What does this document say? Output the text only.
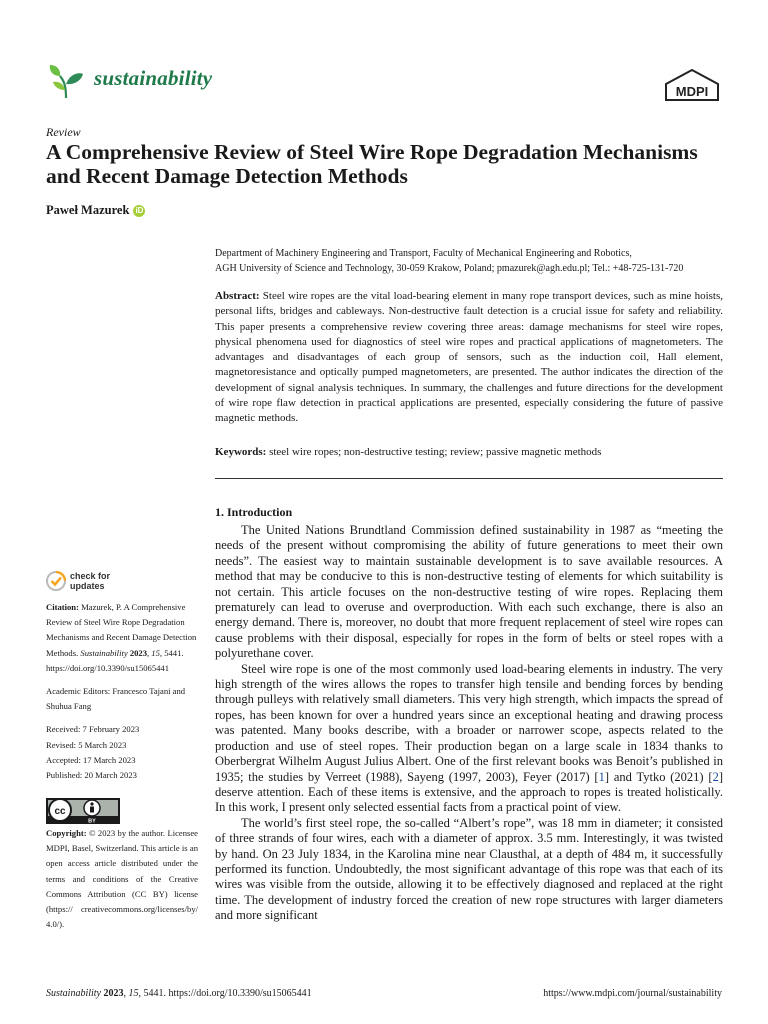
sustainability
MDPI
Review
A Comprehensive Review of Steel Wire Rope Degradation Mechanisms and Recent Damage Detection Methods
Paweł Mazurek iD
Department of Machinery Engineering and Transport, Faculty of Mechanical Engineering and Robotics,
AGH University of Science and Technology, 30-059 Krakow, Poland; pmazurek@agh.edu.pl; Tel.: +48-725-131-720

Abstract: Steel wire ropes are the vital load-bearing element in many rope transport devices, such as mine hoists, personal lifts, bridges and cableways. Non-destructive fault detection is a crucial issue for safety and reliability. This paper presents a comprehensive review covering three areas: damage mechanisms for steel wire ropes, physical phenomena used for diagnostics of steel wire ropes and practical applications of magnetometers. The advantages and disadvantages of each group of sensors, such as the induction coil, Hall element, magnetoresistance and optically pumped magnetometers, are presented. The author indicates the direction of the development of signal analysis techniques. In summary, the challenges and future directions for the development of wire rope flaw detection in practical applications are presented, especially considering the future of passive magnetic methods.

Keywords: steel wire ropes; non-destructive testing; review; passive magnetic methods

1. Introduction

The United Nations Brundtland Commission defined sustainability in 1987 as “meeting the needs of the present without compromising the ability of future generations to meet their own needs”. The easiest way to maintain sustainable development is to save available resources. A method that may be conducive to this is non-destructive testing of elements for which suitability is not certain. This article focuses on the non-destructive testing of wire ropes. Replacing them prematurely can lead to overuse and overproduction. With each such exchange, there is also an energy demand. There is, moreover, no doubt that more frequent replacement of steel wire ropes can cause problems with their disposal, especially for ropes in the form of belts or steel ropes with a polyurethane cover.

Steel wire rope is one of the most commonly used load-bearing elements in industry. The very high strength of the wires allows the ropes to transfer high tensile and bending forces by bending through pulleys with relatively small diameters. This very high strength, which impacts the spread of ropes, has been known for over a hundred years since an exceptional heating and drawing process was patented. Many books describe, with a broader or narrower scope, aspects related to the production and use of steel ropes. Their production began on a large scale in 1834 thanks to Oberbergrat Wilhelm August Julius Albert. One of the first relevant books was Benoit’s published in 1935; the studies by Verreet (1988), Sayeng (1997, 2003), Feyer (2017) [1] and Tytko (2021) [2] deserve attention. Each of these items is extensive, and the approach to ropes is treated holistically. In this work, I present only selected essential facts from a practical point of view.

The world’s first steel rope, the so-called “Albert’s rope”, was 18 mm in diameter; it consisted of three strands of four wires, each with a diameter of approx. 3.5 mm. Interestingly, it was twisted by hand. On 23 July 1834, in the Karolina mine near Clausthal, at a depth of 484 m, it successfully performed its function. Undoubtedly, the most significant advantage of this rope was that each of its wires was visible from the outside, allowing it to be effectively diagnosed and replaced at the right time. The development of industry forced the creation of new rope structures with larger diameters and more significant

check for
updates

Citation: Mazurek, P. A Comprehensive Review of Steel Wire Rope Degradation Mechanisms and Recent Damage Detection Methods. Sustainability 2023, 15, 5441. https://doi.org/10.3390/su15065441

Academic Editors: Francesco Tajani and Shuhua Fang

Received: 7 February 2023

Revised: 5 March 2023

Accepted: 17 March 2023

Published: 20 March 2023

cc
BY

Copyright: © 2023 by the author. Licensee MDPI, Basel, Switzerland. This article is an open access article distributed under the terms and conditions of the Creative Commons Attribution (CC BY) license (https:// creativecommons.org/licenses/by/ 4.0/).

Sustainability 2023, 15, 5441. https://doi.org/10.3390/su15065441	https://www.mdpi.com/journal/sustainability
